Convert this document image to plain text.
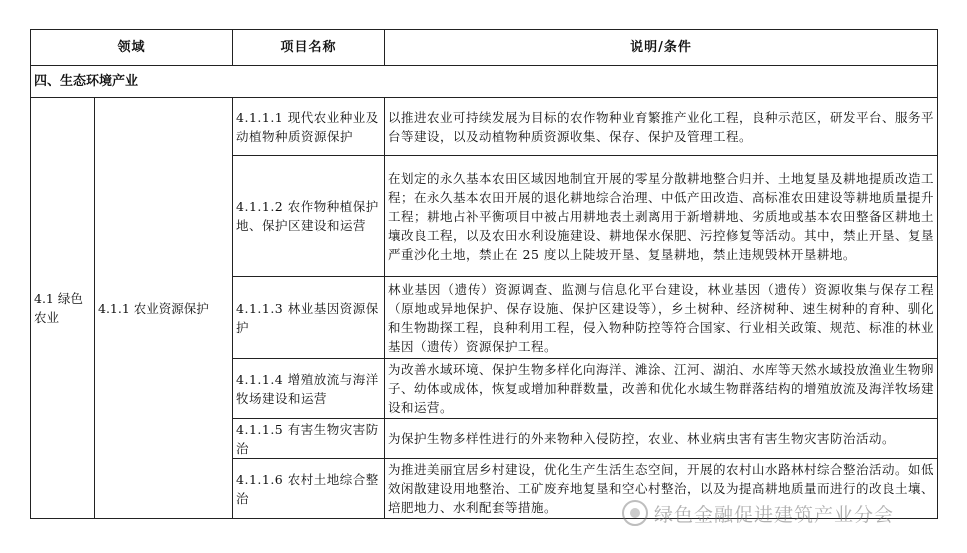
领域		项目名称	说明/条件
四、生态环境产业			
4.1 绿色农业	4.1.1 农业资源保护	4.1.1.1 现代农业种业及动植物种质资源保护	以推进农业可持续发展为目标的农作物种业育繁推产业化工程，良种示范区，研发平台、服务平台等建设，以及动植物种质资源收集、保存、保护及管理工程。
		4.1.1.2 农作物种植保护地、保护区建设和运营	在划定的永久基本农田区域因地制宜开展的零星分散耕地整合归并、土地复垦及耕地提质改造工程；在永久基本农田开展的退化耕地综合治理、中低产田改造、高标准农田建设等耕地质量提升工程；耕地占补平衡项目中被占用耕地表土剥离用于新增耕地、劣质地或基本农田整备区耕地土壤改良工程，以及农田水利设施建设、耕地保水保肥、污控修复等活动。其中，禁止开垦、复垦严重沙化土地，禁止在 25 度以上陡坡开垦、复垦耕地，禁止违规毁林开垦耕地。
		4.1.1.3 林业基因资源保护	林业基因（遗传）资源调查、监测与信息化平台建设，林业基因（遗传）资源收集与保存工程（原地或异地保护、保存设施、保护区建设等），乡土树种、经济树种、速生树种的育种、驯化和生物勘探工程，良种利用工程，侵入物种防控等符合国家、行业相关政策、规范、标准的林业基因（遗传）资源保护工程。
		4.1.1.4 增殖放流与海洋牧场建设和运营	为改善水域环境、保护生物多样化向海洋、滩涂、江河、湖泊、水库等天然水域投放渔业生物卵子、幼体或成体，恢复或增加种群数量，改善和优化水域生物群落结构的增殖放流及海洋牧场建设和运营。
		4.1.1.5 有害生物灾害防治	为保护生物多样性进行的外来物种入侵防控，农业、林业病虫害有害生物灾害防治活动。
		4.1.1.6 农村土地综合整治	为推进美丽宜居乡村建设，优化生产生活生态空间，开展的农村山水路林村综合整治活动。如低效闲散建设用地整治、工矿废弃地复垦和空心村整治，以及为提高耕地质量而进行的改良土壤、培肥地力、水利配套等措施。	绿色金融促进建筑产业分会
